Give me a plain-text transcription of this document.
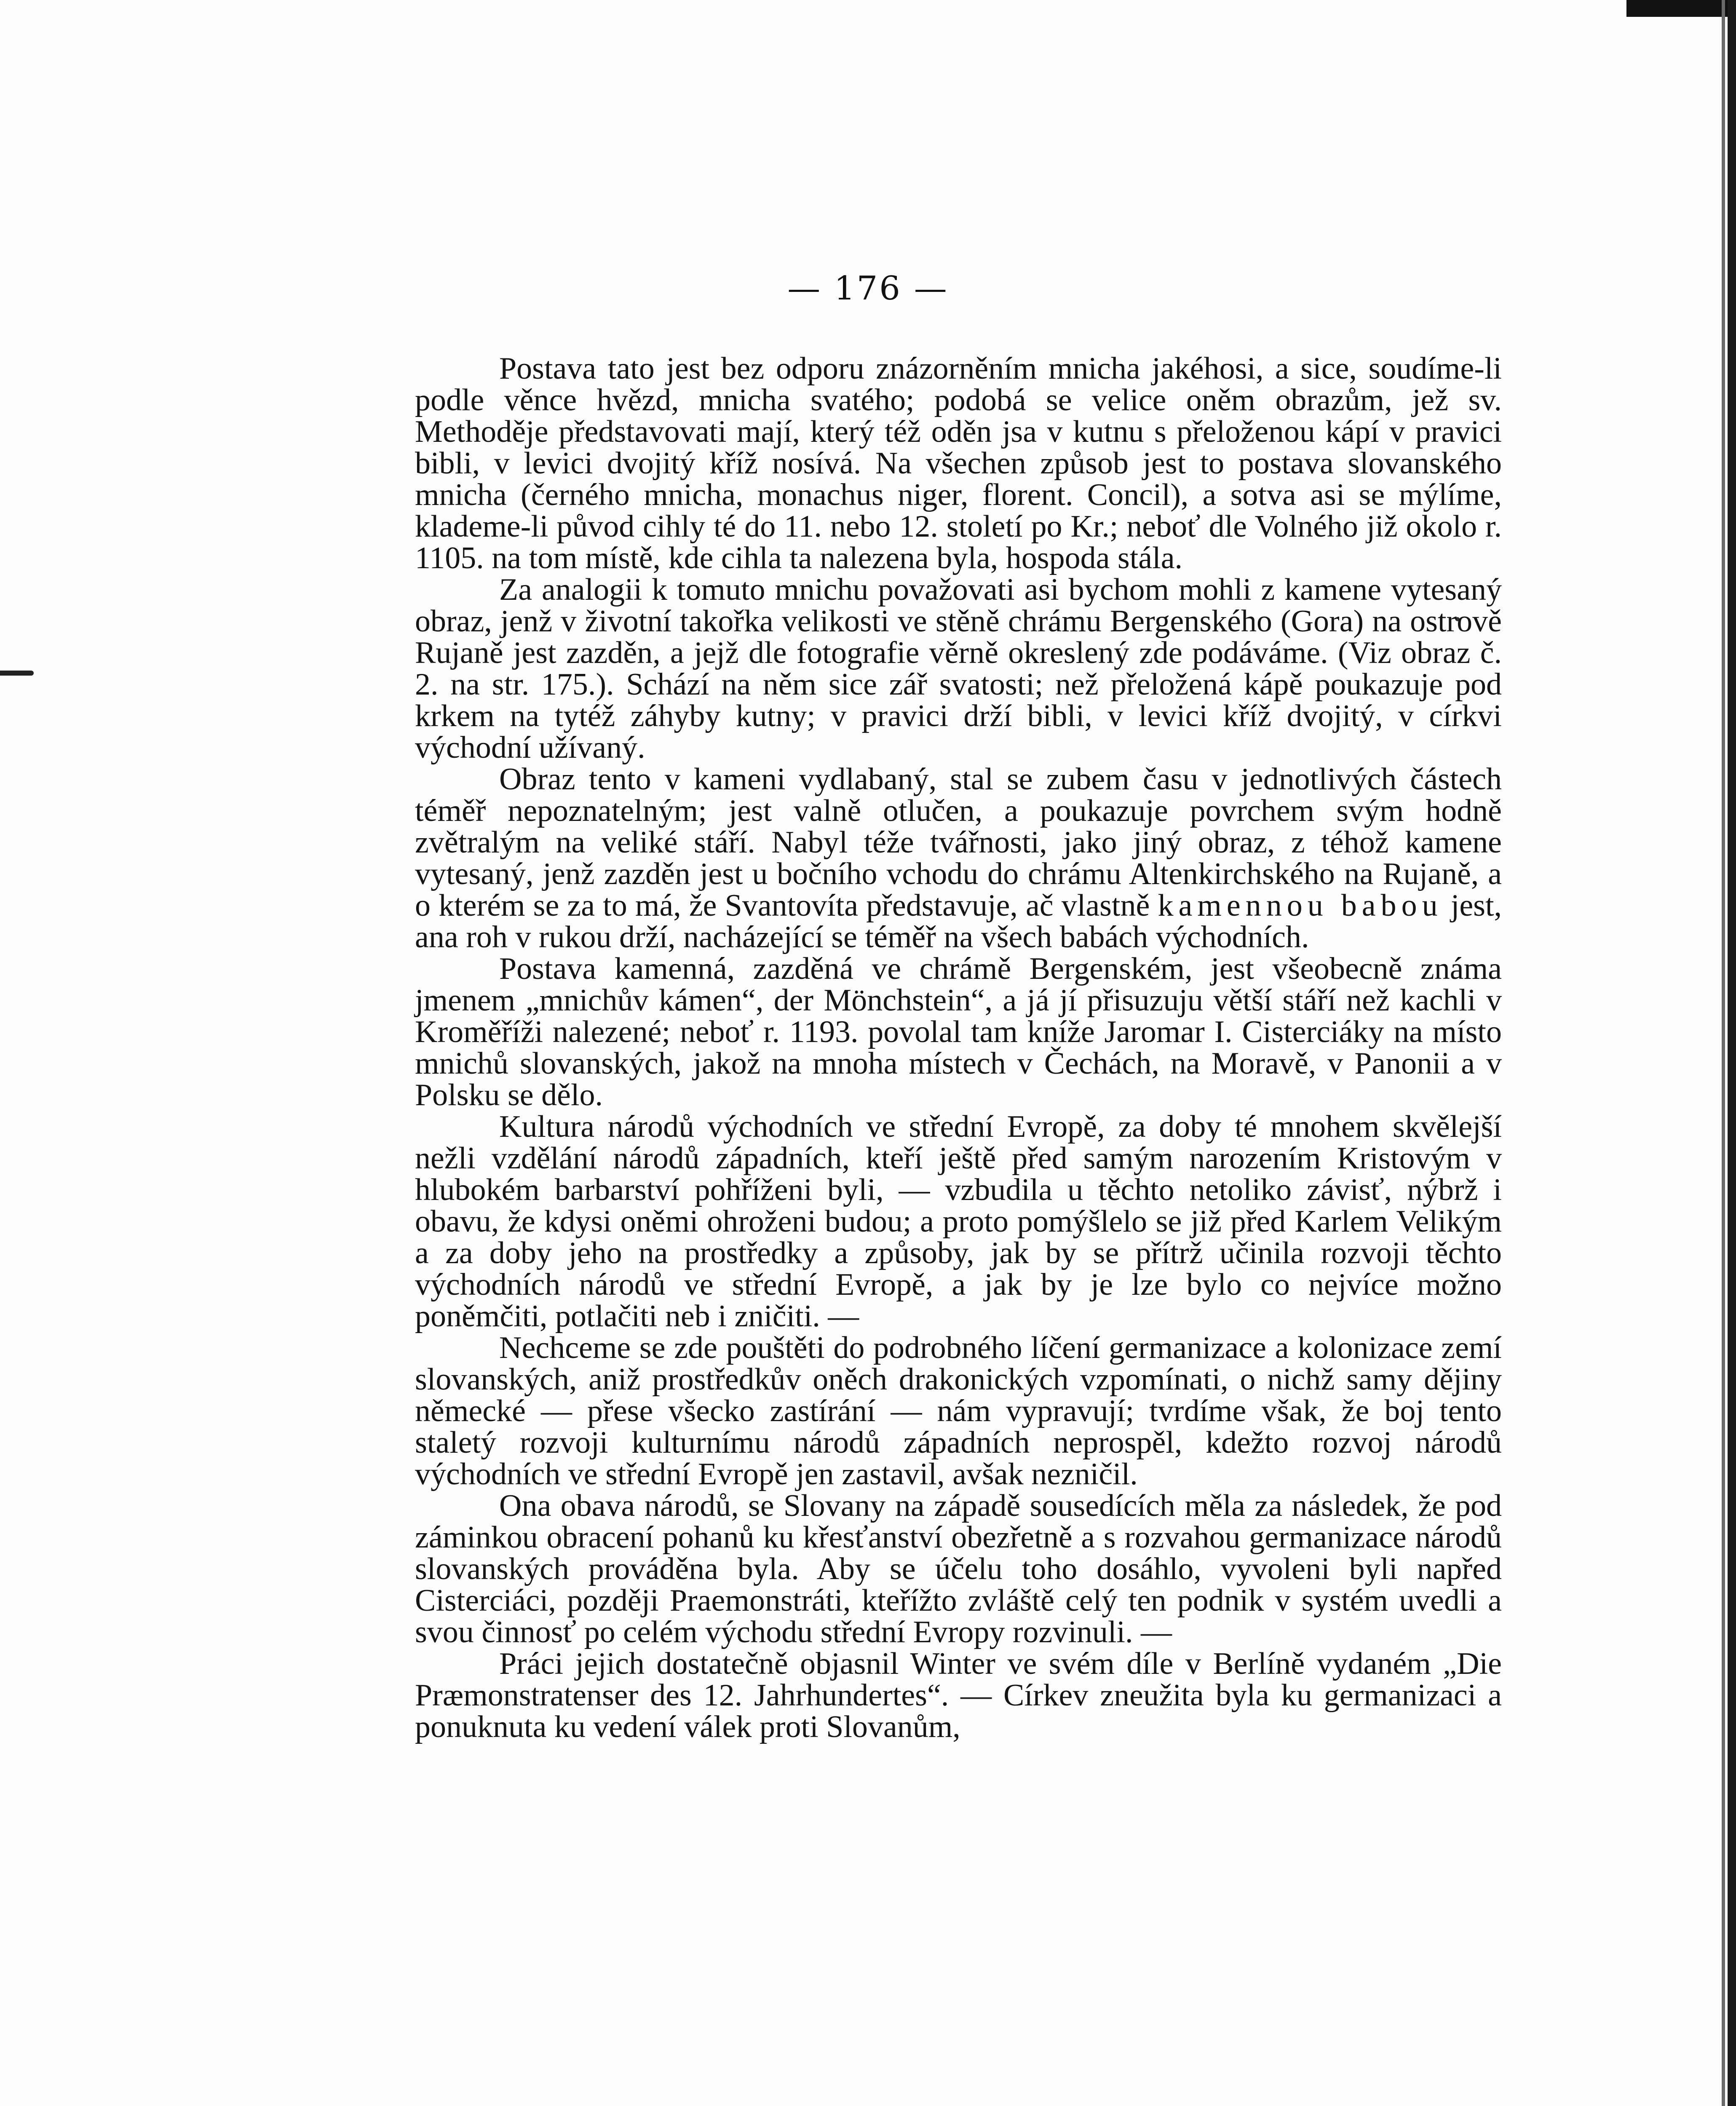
— 176 —

Postava tato jest bez odporu znázorněním mnicha jakéhosi, a sice, soudíme-li podle věnce hvězd, mnicha svatého; podobá se velice oněm obrazům, jež sv. Methoděje představovati mají, který též oděn jsa v kutnu s přeloženou kápí v pravici bibli, v levici dvojitý kříž nosívá. Na všechen způsob jest to postava slovanského mnicha (černého mnicha, monachus niger, florent. Concil), a sotva asi se mýlíme, klademe-li původ cihly té do 11. nebo 12. století po Kr.; neboť dle Volného již okolo r. 1105. na tom místě, kde cihla ta nalezena byla, hospoda stála.

Za analogii k tomuto mnichu považovati asi bychom mohli z kamene vytesaný obraz, jenž v životní takořka velikosti ve stěně chrámu Bergenského (Gora) na ostrově Rujaně jest zazděn, a jejž dle fotografie věrně okreslený zde podáváme. (Viz obraz č. 2. na str. 175.). Schází na něm sice zář svatosti; než přeložená kápě poukazuje pod krkem na tytéž záhyby kutny; v pravici drží bibli, v levici kříž dvojitý, v církvi východní užívaný.

Obraz tento v kameni vydlabaný, stal se zubem času v jednotlivých částech téměř nepoznatelným; jest valně otlučen, a poukazuje povrchem svým hodně zvětralým na veliké stáří. Nabyl téže tvářnosti, jako jiný obraz, z téhož kamene vytesaný, jenž zazděn jest u bočního vchodu do chrámu Altenkirchského na Rujaně, a o kterém se za to má, že Svantovíta představuje, ač vlastně kamennou babou jest, ana roh v rukou drží, nacházející se téměř na všech babách východních.

Postava kamenná, zazděná ve chrámě Bergenském, jest všeobecně známa jmenem „mnichův kámen“, der Mönchstein“, a já jí přisuzuju větší stáří než kachli v Kroměříži nalezené; neboť r. 1193. povolal tam kníže Jaromar I. Cisterciáky na místo mnichů slovanských, jakož na mnoha místech v Čechách, na Moravě, v Panonii a v Polsku se dělo.

Kultura národů východních ve střední Evropě, za doby té mnohem skvělejší nežli vzdělání národů západních, kteří ještě před samým narozením Kristovým v hlubokém barbarství pohříženi byli, — vzbudila u těchto netoliko závisť, nýbrž i obavu, že kdysi oněmi ohroženi budou; a proto pomýšlelo se již před Karlem Velikým a za doby jeho na prostředky a způsoby, jak by se přítrž učinila rozvoji těchto východních národů ve střední Evropě, a jak by je lze bylo co nejvíce možno poněmčiti, potlačiti neb i zničiti. —

Nechceme se zde pouštěti do podrobného líčení germanizace a kolonizace zemí slovanských, aniž prostředkův oněch drakonických vzpomínati, o nichž samy dějiny německé — přese všecko zastírání — nám vypravují; tvrdíme však, že boj tento staletý rozvoji kulturnímu národů západních neprospěl, kdežto rozvoj národů východních ve střední Evropě jen zastavil, avšak nezničil.

Ona obava národů, se Slovany na západě sousedících měla za následek, že pod záminkou obracení pohanů ku křesťanství obezřetně a s rozvahou germanizace národů slovanských prováděna byla. Aby se účelu toho dosáhlo, vyvoleni byli napřed Cisterciáci, později Praemonstráti, kteřížto zvláště celý ten podnik v systém uvedli a svou činnosť po celém východu střední Evropy rozvinuli. —

Práci jejich dostatečně objasnil Winter ve svém díle v Berlíně vydaném „Die Præmonstratenser des 12. Jahrhundertes“. — Církev zneužita byla ku germanizaci a ponuknuta ku vedení válek proti Slovanům,
